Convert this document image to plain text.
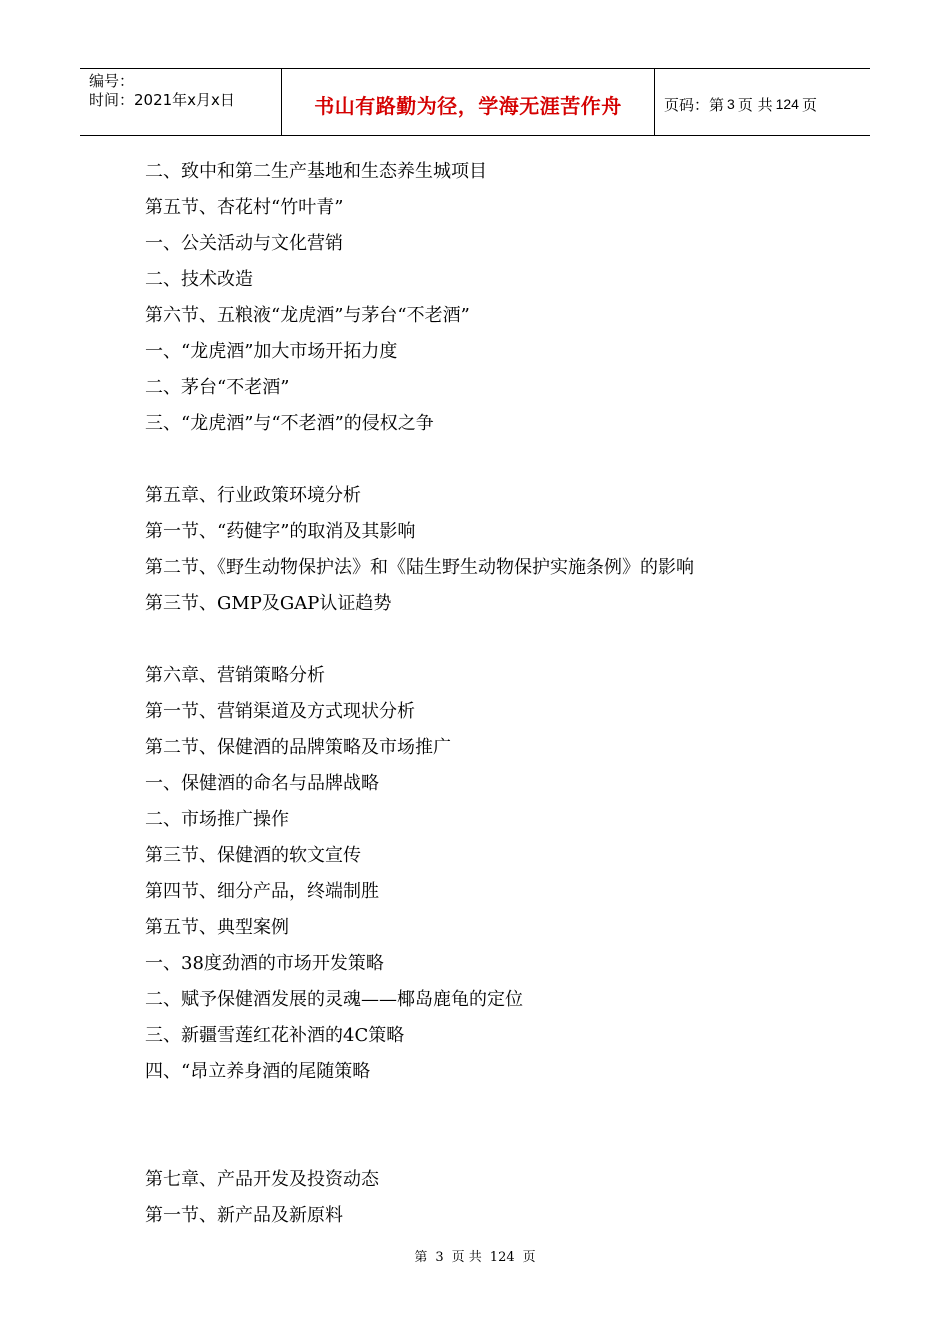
编号：
时间：2021年x月x日	书山有路勤为径，学海无涯苦作舟	页码：第 3 页 共 124 页
二、致中和第二生产基地和生态养生城项目
第五节、杏花村“竹叶青”
一、公关活动与文化营销
二、技术改造
第六节、五粮液“龙虎酒”与茅台“不老酒”
一、“龙虎酒”加大市场开拓力度
二、茅台“不老酒”
三、“龙虎酒”与“不老酒”的侵权之争
第五章、行业政策环境分析
第一节、“药健字”的取消及其影响
第二节、《野生动物保护法》和《陆生野生动物保护实施条例》的影响
第三节、GMP及GAP认证趋势
第六章、营销策略分析
第一节、营销渠道及方式现状分析
第二节、保健酒的品牌策略及市场推广
一、保健酒的命名与品牌战略
二、市场推广操作
第三节、保健酒的软文宣传
第四节、细分产品，终端制胜
第五节、典型案例
一、38度劲酒的市场开发策略
二、赋予保健酒发展的灵魂——椰岛鹿龟的定位
三、新疆雪莲红花补酒的4C策略
四、“昂立养身酒的尾随策略
第七章、产品开发及投资动态
第一节、新产品及新原料
第 3 页 共 124 页
